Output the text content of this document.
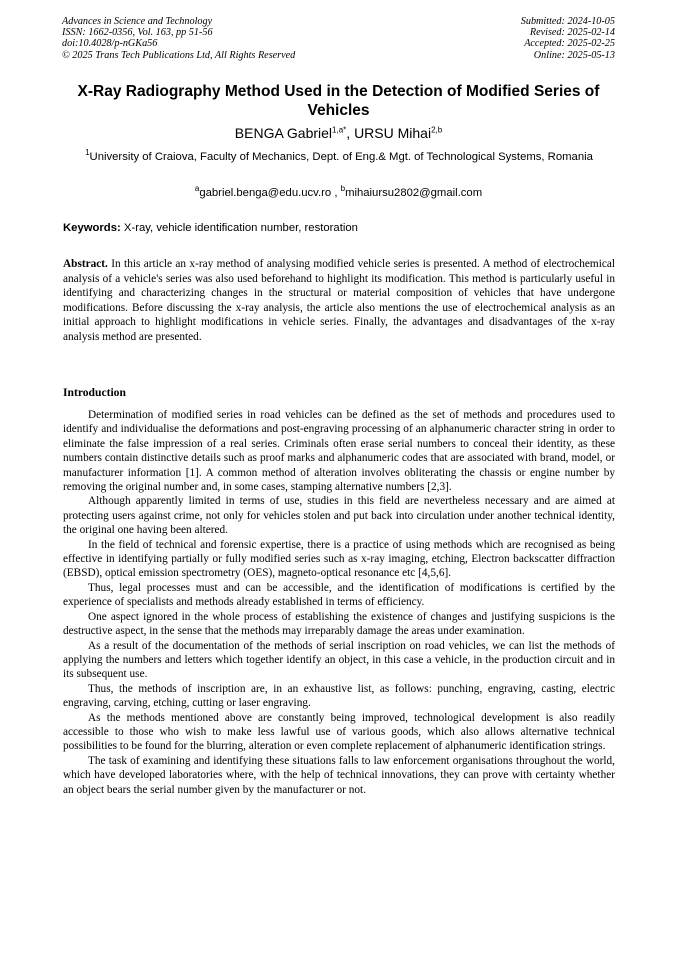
Advances in Science and Technology
ISSN: 1662-0356, Vol. 163, pp 51-56
doi:10.4028/p-nGKa56
© 2025 Trans Tech Publications Ltd, All Rights Reserved
Submitted: 2024-10-05
Revised: 2025-02-14
Accepted: 2025-02-25
Online: 2025-05-13
X-Ray Radiography Method Used in the Detection of Modified Series of Vehicles
BENGA Gabriel$^{1,a*}$, URSU Mihai$^{2,b}$
$^1$University of Craiova, Faculty of Mechanics, Dept. of Eng.& Mgt. of Technological Systems, Romania
$^a$gabriel.benga@edu.ucv.ro , $^b$mihaiursu2802@gmail.com
Keywords: X-ray, vehicle identification number, restoration
Abstract. In this article an x-ray method of analysing modified vehicle series is presented. A method of electrochemical analysis of a vehicle's series was also used beforehand to highlight its modification. This method is particularly useful in identifying and characterizing changes in the structural or material composition of vehicles that have undergone modifications. Before discussing the x-ray analysis, the article also mentions the use of electrochemical analysis as an initial approach to highlight modifications in vehicle series. Finally, the advantages and disadvantages of the x-ray analysis method are presented.
Introduction

Determination of modified series in road vehicles can be defined as the set of methods and procedures used to identify and individualise the deformations and post-engraving processing of an alphanumeric character string in order to eliminate the false impression of a real series. Criminals often erase serial numbers to conceal their identity, as these numbers contain distinctive details such as proof marks and alphanumeric codes that are associated with brand, model, or manufacturer information [1]. A common method of alteration involves obliterating the chassis or engine number by removing the original number and, in some cases, stamping alternative numbers [2,3].

Although apparently limited in terms of use, studies in this field are nevertheless necessary and are aimed at protecting users against crime, not only for vehicles stolen and put back into circulation under another technical identity, the original one having been altered.

In the field of technical and forensic expertise, there is a practice of using methods which are recognised as being effective in identifying partially or fully modified series such as x-ray imaging, etching, Electron backscatter diffraction (EBSD), optical emission spectrometry (OES), magneto-optical resonance etc [4,5,6].

Thus, legal processes must and can be accessible, and the identification of modifications is certified by the experience of specialists and methods already established in terms of efficiency.

One aspect ignored in the whole process of establishing the existence of changes and justifying suspicions is the destructive aspect, in the sense that the methods may irreparably damage the areas under examination.

As a result of the documentation of the methods of serial inscription on road vehicles, we can list the methods of applying the numbers and letters which together identify an object, in this case a vehicle, in the production circuit and in its subsequent use.

Thus, the methods of inscription are, in an exhaustive list, as follows: punching, engraving, casting, electric engraving, carving, etching, cutting or laser engraving.

As the methods mentioned above are constantly being improved, technological development is also readily accessible to those who wish to make less lawful use of various goods, which also allows alternative technical possibilities to be found for the blurring, alteration or even complete replacement of alphanumeric identification strings.

The task of examining and identifying these situations falls to law enforcement organisations throughout the world, which have developed laboratories where, with the help of technical innovations, they can prove with certainty whether an object bears the serial number given by the manufacturer or not.
